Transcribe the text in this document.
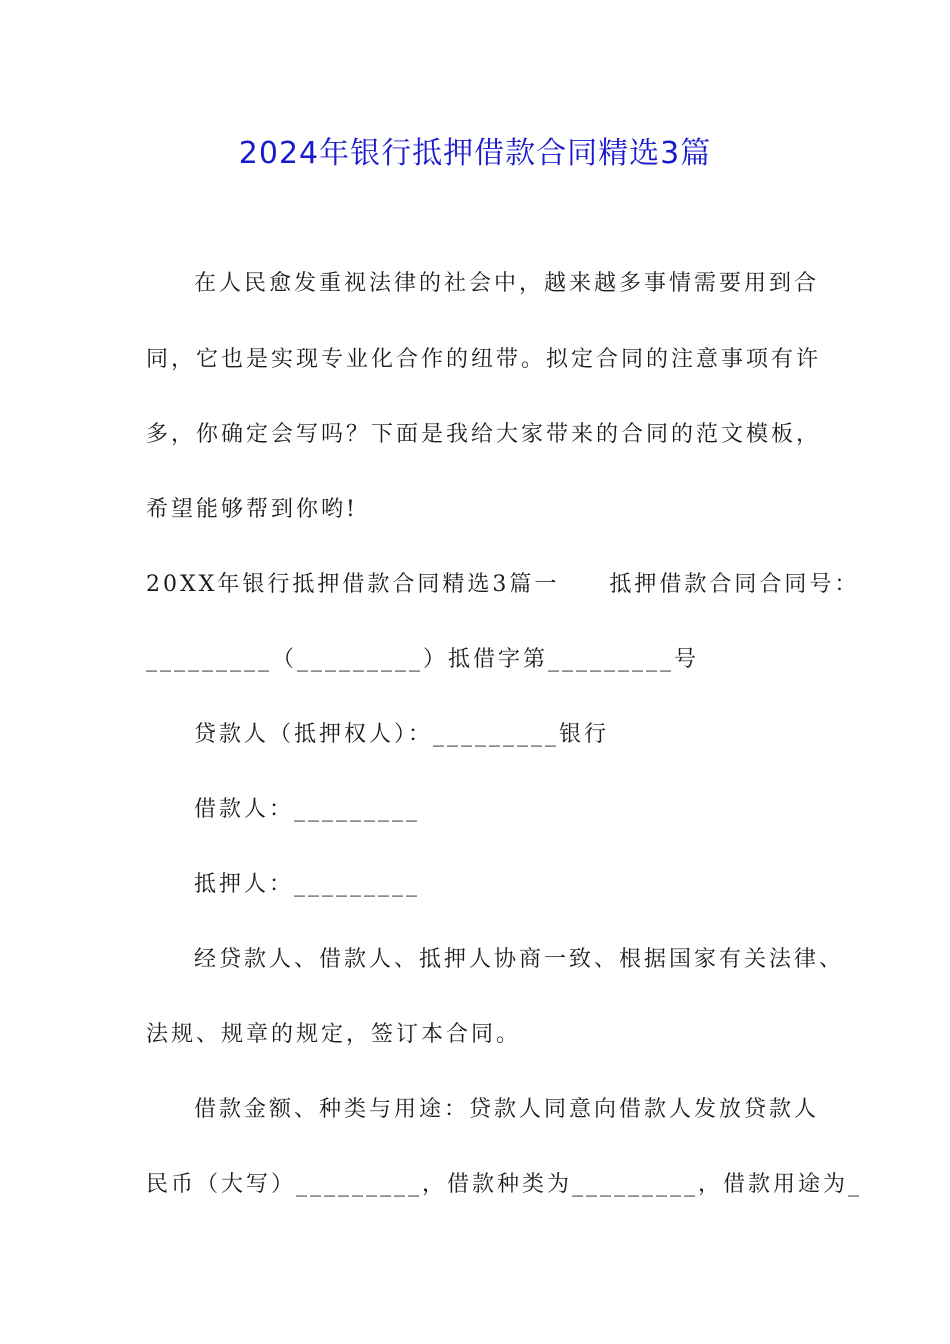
2024年银行抵押借款合同精选3篇

在人民愈发重视法律的社会中，越来越多事情需要用到合

同，它也是实现专业化合作的纽带。拟定合同的注意事项有许

多，你确定会写吗？下面是我给大家带来的合同的范文模板，

希望能够帮到你哟!

20XX年银行抵押借款合同精选3篇一　　抵押借款合同合同号：

_________（_________）抵借字第_________号

贷款人（抵押权人）：_________银行

借款人：_________

抵押人：_________

经贷款人、借款人、抵押人协商一致、根据国家有关法律、

法规、规章的规定，签订本合同。

借款金额、种类与用途：贷款人同意向借款人发放贷款人

民币（大写）_________，借款种类为_________，借款用途为_
